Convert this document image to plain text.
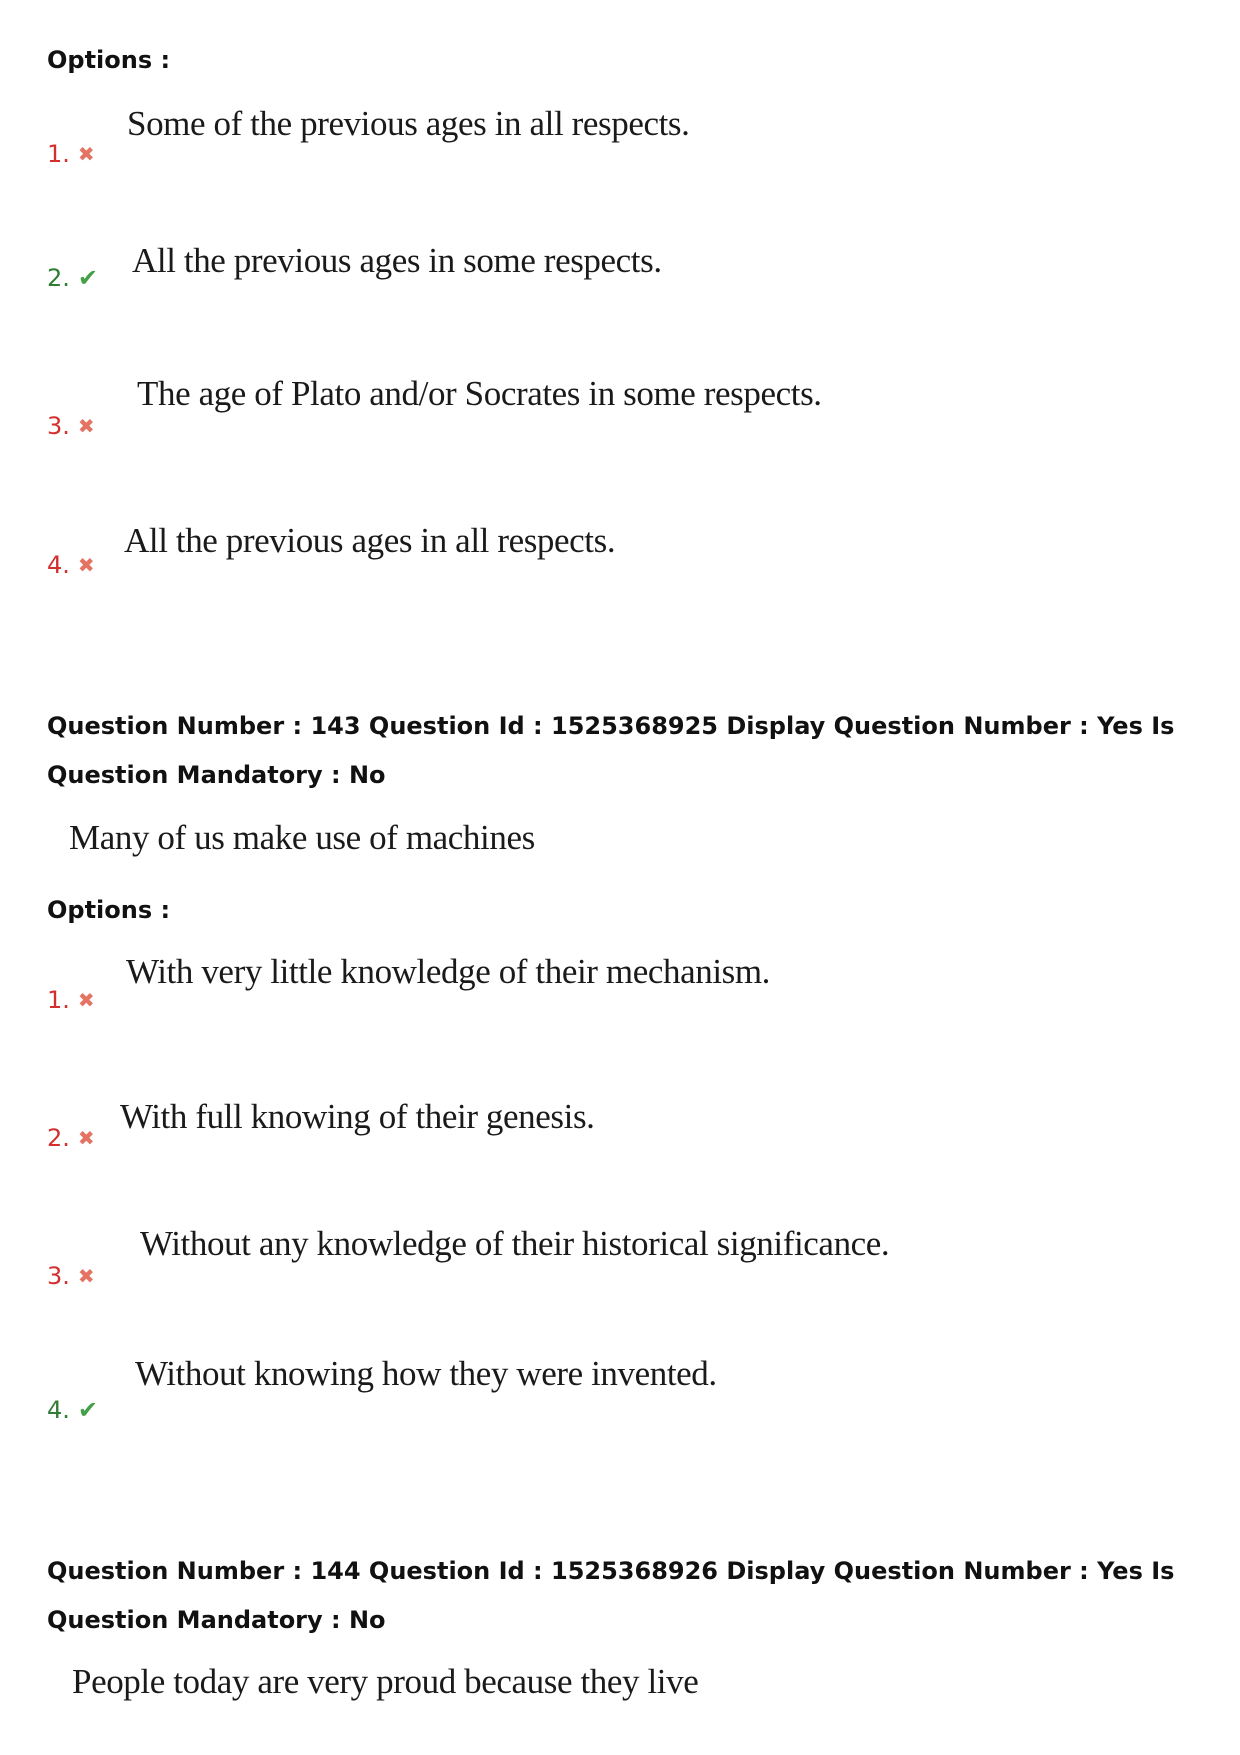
Options :
1. ✖
Some of the previous ages in all respects.
2. ✔ All the previous ages in some respects.
3. ✖
The age of Plato and/or Socrates in some respects.
4. ✖
All the previous ages in all respects.

Question Number : 143 Question Id : 1525368925 Display Question Number : Yes Is Question Mandatory : No

Many of us make use of machines
Options :
1. ✖
With very little knowledge of their mechanism.
2. ✖
With full knowing of their genesis.
3. ✖
Without any knowledge of their historical significance.
4. ✔
Without knowing how they were invented.

Question Number : 144 Question Id : 1525368926 Display Question Number : Yes Is Question Mandatory : No

People today are very proud because they live
